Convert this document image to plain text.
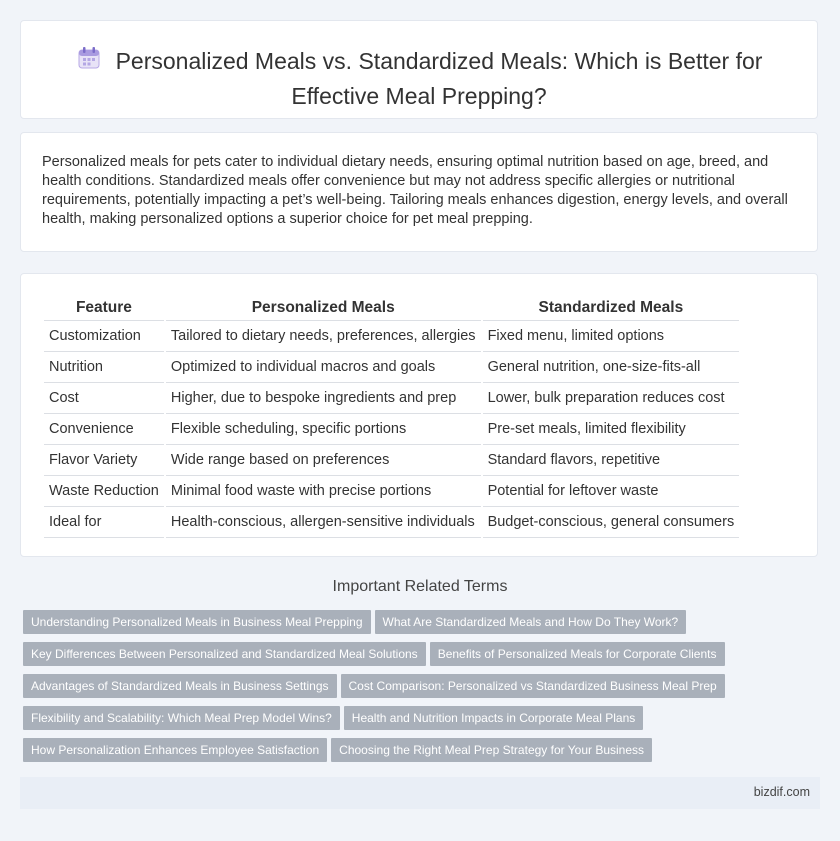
Personalized Meals vs. Standardized Meals: Which is Better for Effective Meal Prepping?

Personalized meals for pets cater to individual dietary needs, ensuring optimal nutrition based on age, breed, and health conditions. Standardized meals offer convenience but may not address specific allergies or nutritional requirements, potentially impacting a pet’s well-being. Tailoring meals enhances digestion, energy levels, and overall health, making personalized options a superior choice for pet meal prepping.

Feature	Personalized Meals	Standardized Meals
Customization	Tailored to dietary needs, preferences, allergies	Fixed menu, limited options
Nutrition	Optimized to individual macros and goals	General nutrition, one-size-fits-all
Cost	Higher, due to bespoke ingredients and prep	Lower, bulk preparation reduces cost
Convenience	Flexible scheduling, specific portions	Pre-set meals, limited flexibility
Flavor Variety	Wide range based on preferences	Standard flavors, repetitive
Waste Reduction	Minimal food waste with precise portions	Potential for leftover waste
Ideal for	Health-conscious, allergen-sensitive individuals	Budget-conscious, general consumers
Important Related Terms
Understanding Personalized Meals in Business Meal Prepping What Are Standardized Meals and How Do They Work?
Key Differences Between Personalized and Standardized Meal Solutions Benefits of Personalized Meals for Corporate Clients
Advantages of Standardized Meals in Business Settings Cost Comparison: Personalized vs Standardized Business Meal Prep
Flexibility and Scalability: Which Meal Prep Model Wins? Health and Nutrition Impacts in Corporate Meal Plans
How Personalization Enhances Employee Satisfaction Choosing the Right Meal Prep Strategy for Your Business
bizdif.com
